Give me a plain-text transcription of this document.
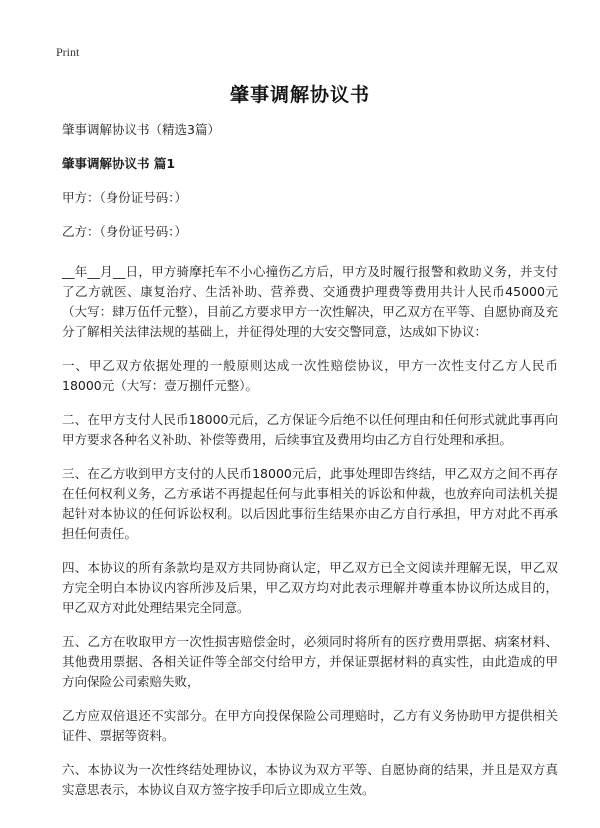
Print
肇事调解协议书

肇事调解协议书（精选3篇）

肇事调解协议书 篇1

甲方：（身份证号码：）

乙方：（身份证号码：）

__年__月__日，甲方骑摩托车不小心撞伤乙方后，甲方及时履行报警和救助义务，并支付了乙方就医、康复治疗、生活补助、营养费、交通费护理费等费用共计人民币45000元（大写：肆万伍仟元整），目前乙方要求甲方一次性解决，甲乙双方在平等、自愿协商及充分了解相关法律法规的基础上，并征得处理的大安交警同意，达成如下协议：

一、甲乙双方依据处理的一般原则达成一次性赔偿协议，甲方一次性支付乙方人民币18000元（大写：壹万捌仟元整）。

二、在甲方支付人民币18000元后，乙方保证今后绝不以任何理由和任何形式就此事再向甲方要求各种名义补助、补偿等费用，后续事宜及费用均由乙方自行处理和承担。

三、在乙方收到甲方支付的人民币18000元后，此事处理即告终结，甲乙双方之间不再存在任何权利义务，乙方承诺不再提起任何与此事相关的诉讼和仲裁，也放弃向司法机关提起针对本协议的任何诉讼权利。以后因此事衍生结果亦由乙方自行承担，甲方对此不再承担任何责任。

四、本协议的所有条款均是双方共同协商认定，甲乙双方已全文阅读并理解无误，甲乙双方完全明白本协议内容所涉及后果，甲乙双方均对此表示理解并尊重本协议所达成目的，甲乙双方对此处理结果完全同意。

五、乙方在收取甲方一次性损害赔偿金时，必须同时将所有的医疗费用票据、病案材料、其他费用票据、各相关证件等全部交付给甲方，并保证票据材料的真实性，由此造成的甲方向保险公司索赔失败，

乙方应双倍退还不实部分。在甲方向投保保险公司理赔时，乙方有义务协助甲方提供相关证件、票据等资料。

六、本协议为一次性终结处理协议，本协议为双方平等、自愿协商的结果，并且是双方真实意思表示，本协议自双方签字按手印后立即成立生效。
